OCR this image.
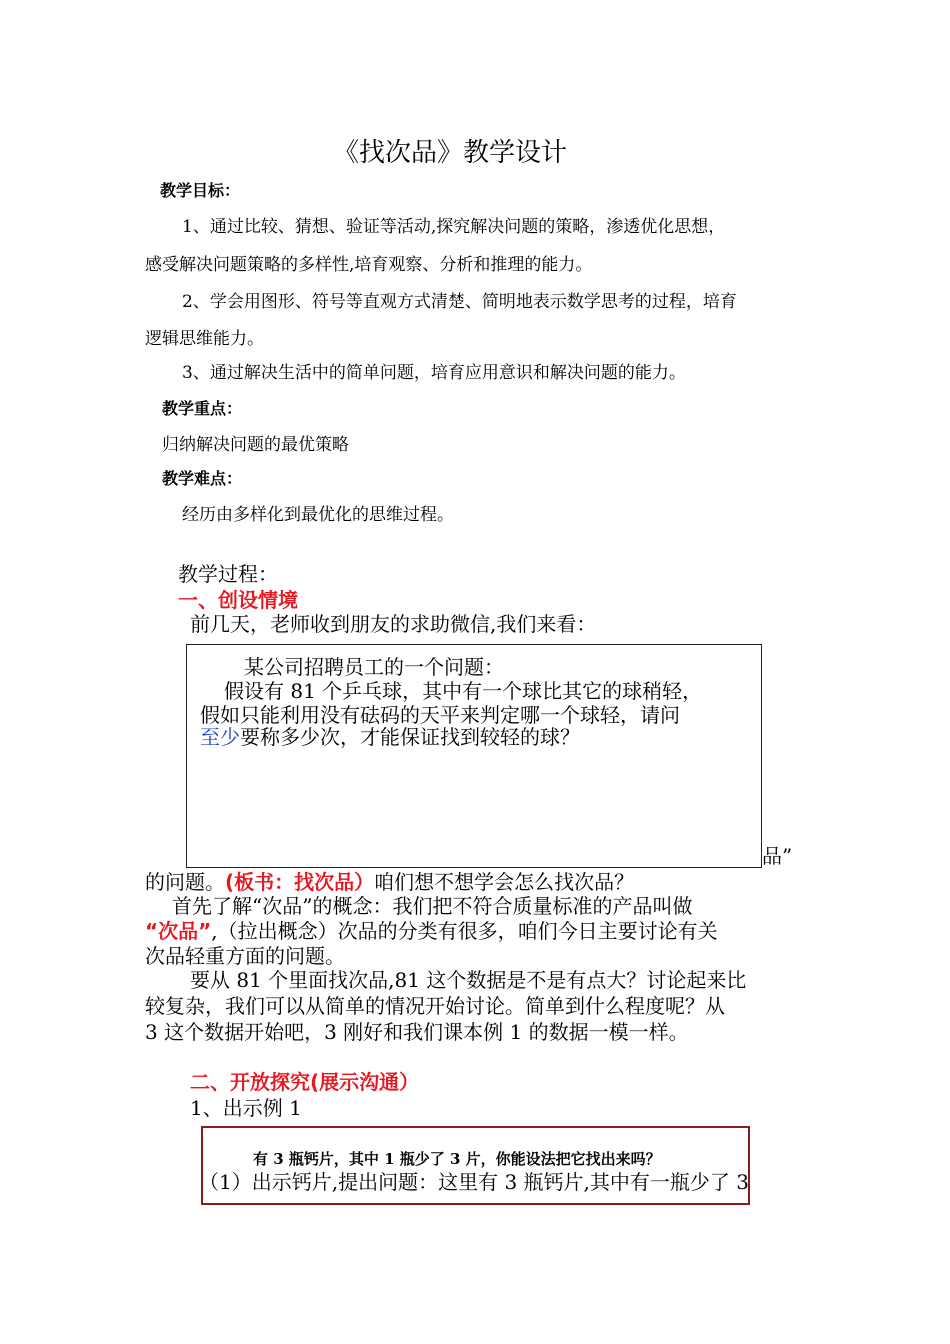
《找次品》教学设计
教学目标：
1、通过比较、猜想、验证等活动,探究解决问题的策略，渗透优化思想，
感受解决问题策略的多样性,培育观察、分析和推理的能力。
2、学会用图形、符号等直观方式清楚、简明地表示数学思考的过程，培育
逻辑思维能力。
3、通过解决生活中的简单问题，培育应用意识和解决问题的能力。
教学重点：
归纳解决问题的最优策略
教学难点：
经历由多样化到最优化的思维过程。
教学过程：
一、创设情境
前几天，老师收到朋友的求助微信,我们来看：
品”
某公司招聘员工的一个问题：
假设有 81 个乒乓球，其中有一个球比其它的球稍轻，
假如只能利用没有砝码的天平来判定哪一个球轻，请问
至少要称多少次，才能保证找到较轻的球？
的问题。(板书：找次品）咱们想不想学会怎么找次品？
首先了解“次品”的概念：我们把不符合质量标准的产品叫做
“次品”,（拉出概念）次品的分类有很多，咱们今日主要讨论有关
次品轻重方面的问题。
要从 81 个里面找次品,81 这个数据是不是有点大？讨论起来比
较复杂，我们可以从简单的情况开始讨论。简单到什么程度呢？从
3 这个数据开始吧，3 刚好和我们课本例 1 的数据一模一样。
二、开放探究(展示沟通）
1、出示例 1
（1）出示钙片,提出问题：这里有 3 瓶钙片,其中有一瓶少了 3
有 3 瓶钙片，其中 1 瓶少了 3 片，你能设法把它找出来吗？
